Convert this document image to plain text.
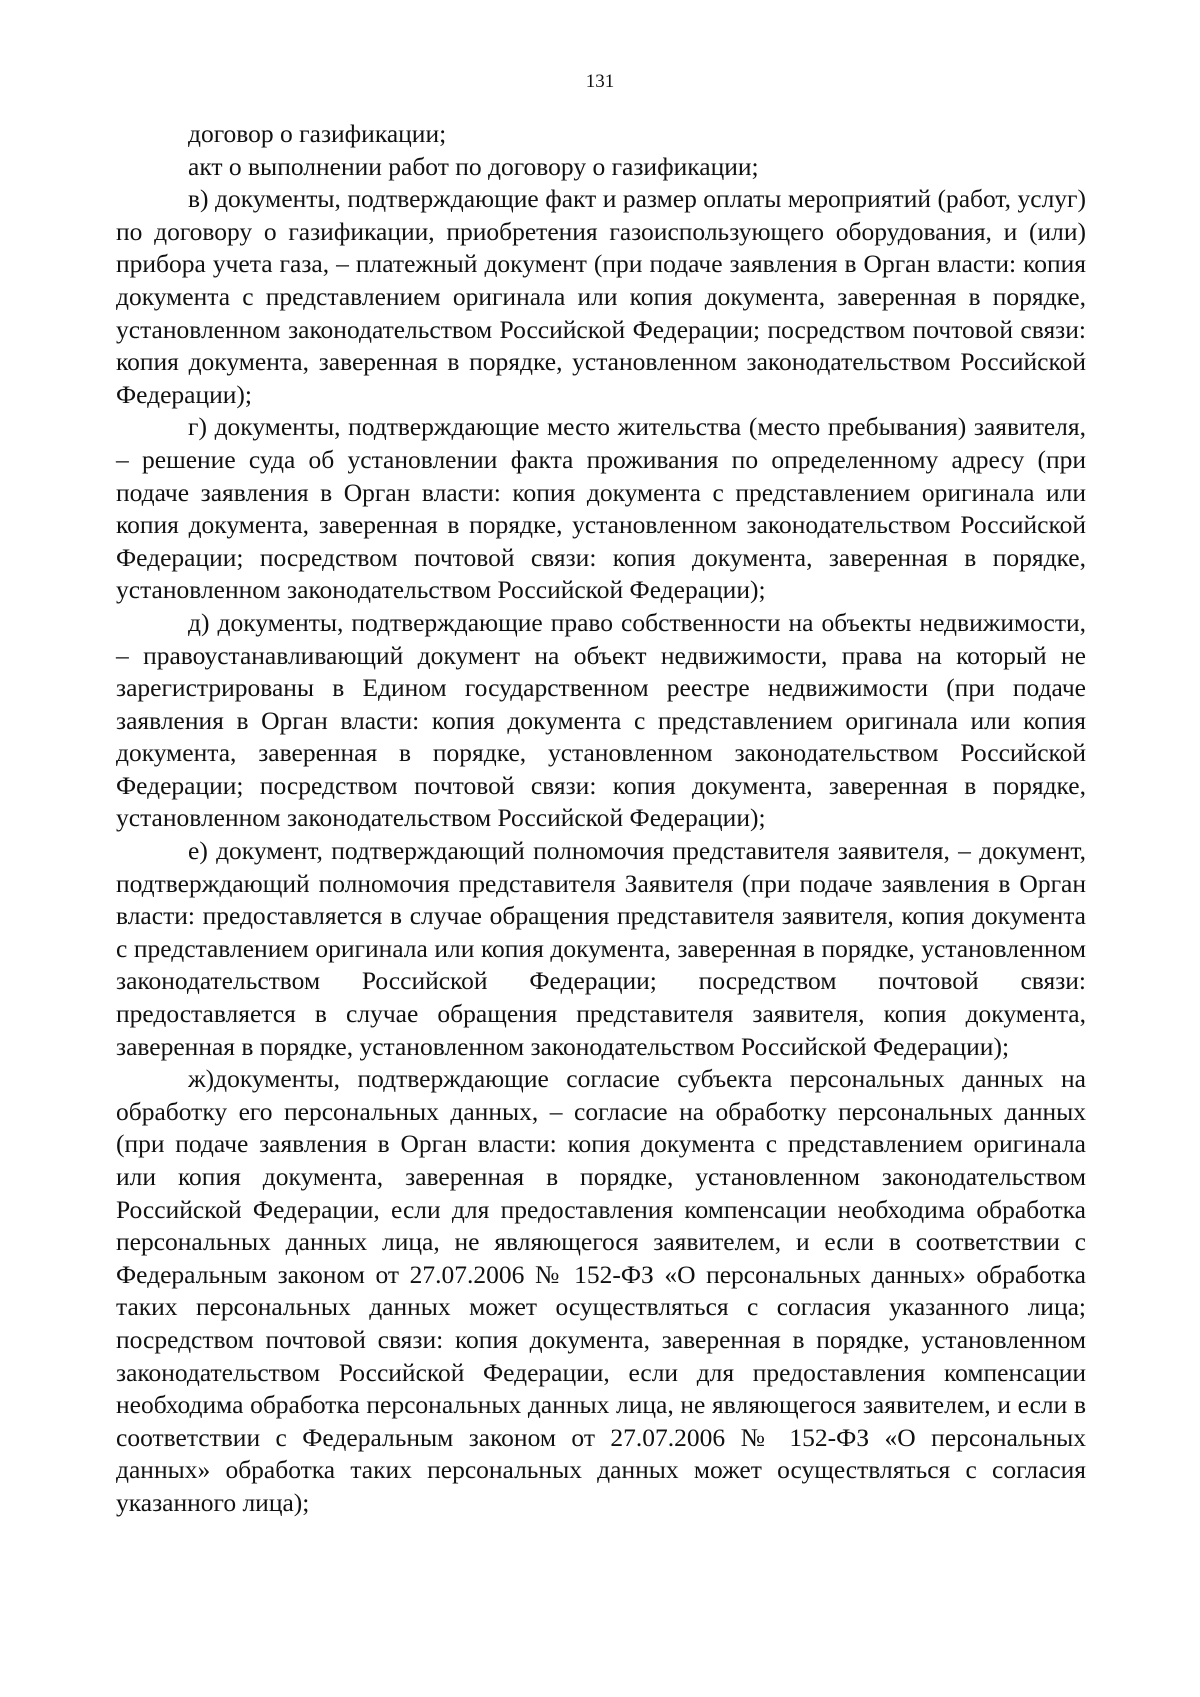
131

договор о газификации;

акт о выполнении работ по договору о газификации;

в) документы, подтверждающие факт и размер оплаты мероприятий (работ, услуг) по договору о газификации, приобретения газоиспользующего оборудования, и (или) прибора учета газа, – платежный документ (при подаче заявления в Орган власти: копия документа с представлением оригинала или копия документа, заверенная в порядке, установленном законодательством Российской Федерации; посредством почтовой связи: копия документа, заверенная в порядке, установленном законодательством Российской Федерации);

г) документы, подтверждающие место жительства (место пребывания) заявителя, – решение суда об установлении факта проживания по определенному адресу (при подаче заявления в Орган власти: копия документа с представлением оригинала или копия документа, заверенная в порядке, установленном законодательством Российской Федерации; посредством почтовой связи: копия документа, заверенная в порядке, установленном законодательством Российской Федерации);

д) документы, подтверждающие право собственности на объекты недвижимости, – правоустанавливающий документ на объект недвижимости, права на который не зарегистрированы в Едином государственном реестре недвижимости (при подаче заявления в Орган власти: копия документа с представлением оригинала или копия документа, заверенная в порядке, установленном законодательством Российской Федерации; посредством почтовой связи: копия документа, заверенная в порядке, установленном законодательством Российской Федерации);

е) документ, подтверждающий полномочия представителя заявителя, – документ, подтверждающий полномочия представителя Заявителя (при подаче заявления в Орган власти: предоставляется в случае обращения представителя заявителя, копия документа с представлением оригинала или копия документа, заверенная в порядке, установленном законодательством Российской Федерации; посредством почтовой связи: предоставляется в случае обращения представителя заявителя, копия документа, заверенная в порядке, установленном законодательством Российской Федерации);

ж)документы, подтверждающие согласие субъекта персональных данных на обработку его персональных данных, – согласие на обработку персональных данных (при подаче заявления в Орган власти: копия документа с представлением оригинала или копия документа, заверенная в порядке, установленном законодательством Российской Федерации, если для предоставления компенсации необходима обработка персональных данных лица, не являющегося заявителем, и если в соответствии с Федеральным законом от 27.07.2006 № 152-ФЗ «О персональных данных» обработка таких персональных данных может осуществляться с согласия указанного лица; посредством почтовой связи: копия документа, заверенная в порядке, установленном законодательством Российской Федерации, если для предоставления компенсации необходима обработка персональных данных лица, не являющегося заявителем, и если в соответствии с Федеральным законом от 27.07.2006 № 152-ФЗ «О персональных данных» обработка таких персональных данных может осуществляться с согласия указанного лица);
